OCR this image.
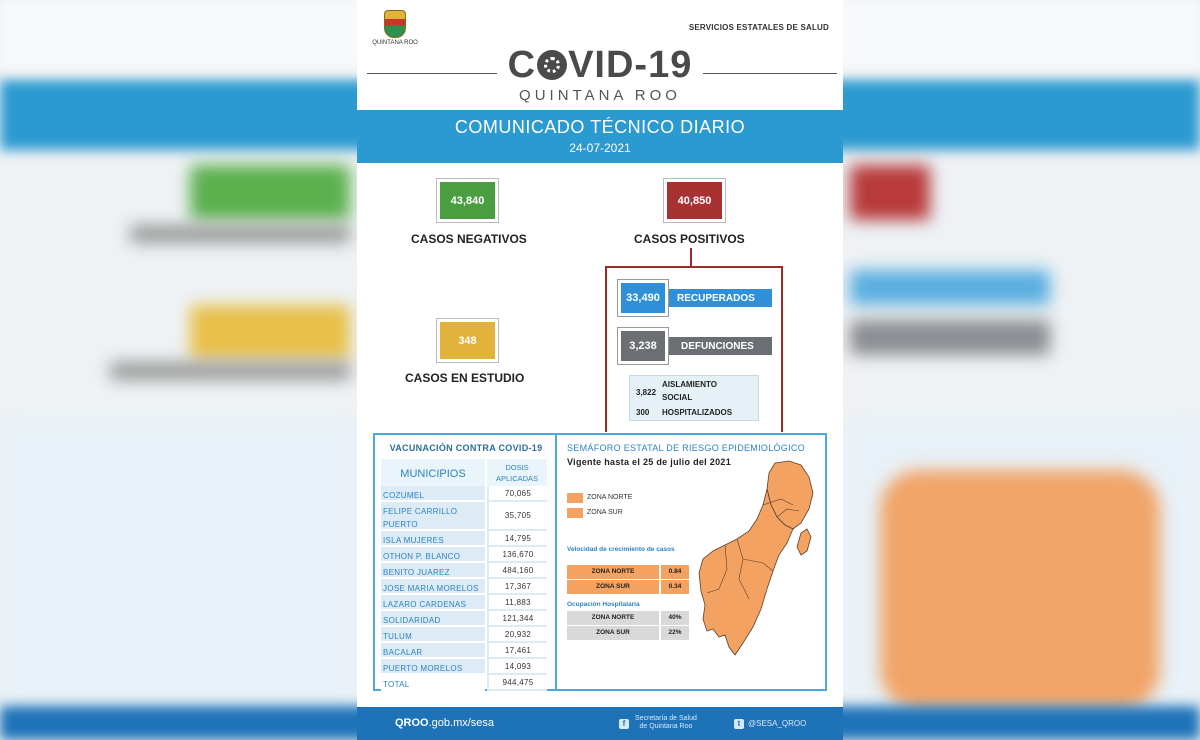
QUINTANA ROO
SERVICIOS ESTATALES DE SALUD
C VID-19
QUINTANA ROO
COMUNICADO TÉCNICO DIARIO
24-07-2021
43,840
CASOS NEGATIVOS
40,850
CASOS POSITIVOS
348
CASOS EN ESTUDIO
RECUPERADOS
33,490
DEFUNCIONES
3,238
3,822
AISLAMIENTO
SOCIAL
300 HOSPITALIZADOS
VACUNACIÓN CONTRA COVID-19
MUNICIPIOS
DOSIS
APLICADAS
COZUMEL	70,065
FELIPE CARRILLO PUERTO
35,705
ISLA MUJERES	14,795
OTHON P. BLANCO	136,670
BENITO JUAREZ	484,160
JOSE MARIA MORELOS	17,367
LAZARO CARDENAS	11,883
SOLIDARIDAD	121,344
TULUM	20,932
BACALAR	17,461
PUERTO MORELOS	14,093
TOTAL	944,475
SEMÁFORO ESTATAL DE RIESGO EPIDEMIOLÓGICO
Vigente hasta el 25 de julio del 2021
ZONA NORTE
ZONA SUR
Velocidad de crecimiento de casos
ZONA NORTE	0.84
ZONA SUR	0.34
Ocupación Hospitalaria
ZONA NORTE	40%
ZONA SUR	22%
QROO.gob.mx/sesa	f
Secretaría de Salud
de Quintana Roo	t @SESA_QROO
